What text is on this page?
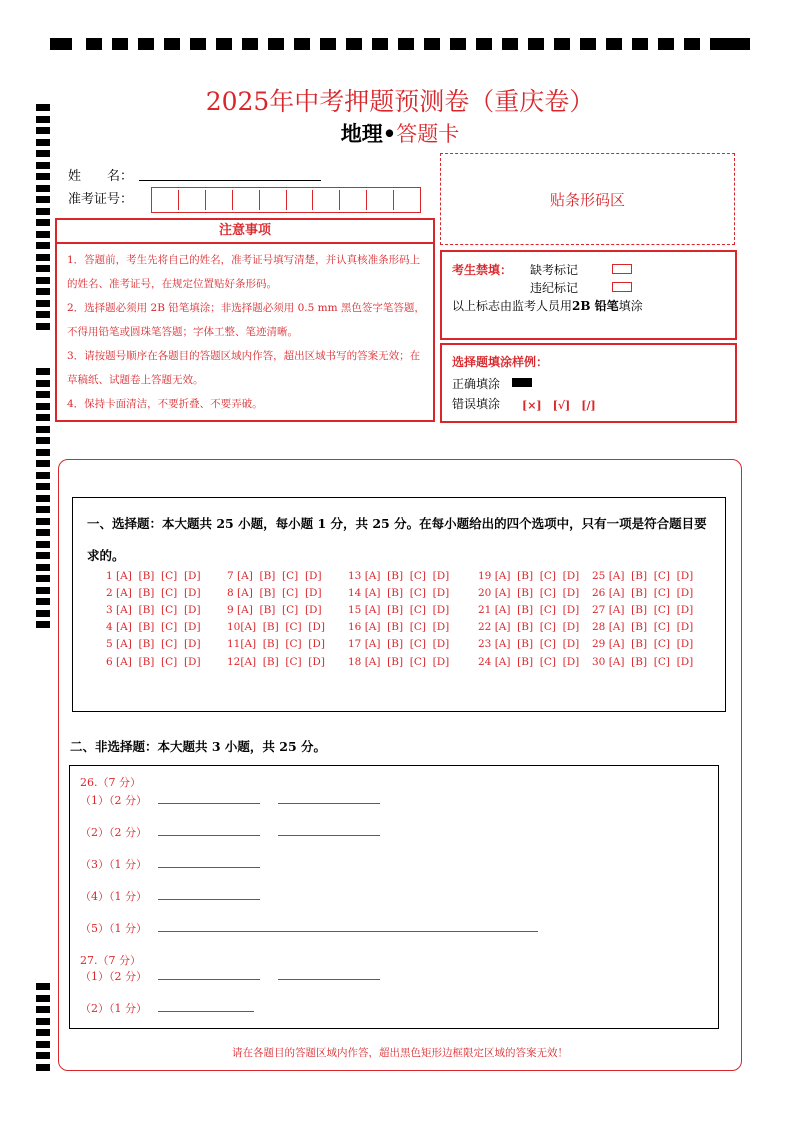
2025年中考押题预测卷（重庆卷）
地理•答题卡
姓　　名：
准考证号：	贴条形码区
注意事项

1．答题前，考生先将自己的姓名，准考证号填写清楚，并认真核准条形码上的姓名、准考证号，在规定位置贴好条形码。

2．选择题必须用 2B 铅笔填涂；非选择题必须用 0.5 mm 黑色签字笔答题，不得用铅笔或圆珠笔答题；字体工整、笔迹清晰。

3．请按题号顺序在各题目的答题区域内作答，超出区域书写的答案无效；在草稿纸、试题卷上答题无效。

4．保持卡面清洁，不要折叠、不要弄破。

考生禁填： 缺考标记
违纪标记
以上标志由监考人员用2B 铅笔填涂
选择题填涂样例：
正确填涂
错误填涂 [×]　[√]　[/]
一、选择题：本大题共 25 小题，每小题 1 分，共 25 分。在每小题给出的四个选项中，只有一项是符合题目要求的。
二、非选择题：本大题共 3 小题，共 25 分。
26.（7 分）
（1）（2 分）
（2）（2 分）
（3）（1 分）
（4）（1 分）
（5）（1 分）
27.（7 分）
（1）（2 分）
（2）（1 分）
请在各题目的答题区域内作答，超出黑色矩形边框限定区域的答案无效！
1 [A]  [B]  [C]  [D]
2 [A]  [B]  [C]  [D]
3 [A]  [B]  [C]  [D]
4 [A]  [B]  [C]  [D]
5 [A]  [B]  [C]  [D]
6 [A]  [B]  [C]  [D]
7 [A]  [B]  [C]  [D]
8 [A]  [B]  [C]  [D]
9 [A]  [B]  [C]  [D]
10[A]  [B]  [C]  [D]
11[A]  [B]  [C]  [D]
12[A]  [B]  [C]  [D]
13 [A]  [B]  [C]  [D]
14 [A]  [B]  [C]  [D]
15 [A]  [B]  [C]  [D]
16 [A]  [B]  [C]  [D]
17 [A]  [B]  [C]  [D]
18 [A]  [B]  [C]  [D]
19 [A]  [B]  [C]  [D]
20 [A]  [B]  [C]  [D]
21 [A]  [B]  [C]  [D]
22 [A]  [B]  [C]  [D]
23 [A]  [B]  [C]  [D]
24 [A]  [B]  [C]  [D]
25 [A]  [B]  [C]  [D]
26 [A]  [B]  [C]  [D]
27 [A]  [B]  [C]  [D]
28 [A]  [B]  [C]  [D]
29 [A]  [B]  [C]  [D]
30 [A]  [B]  [C]  [D]
